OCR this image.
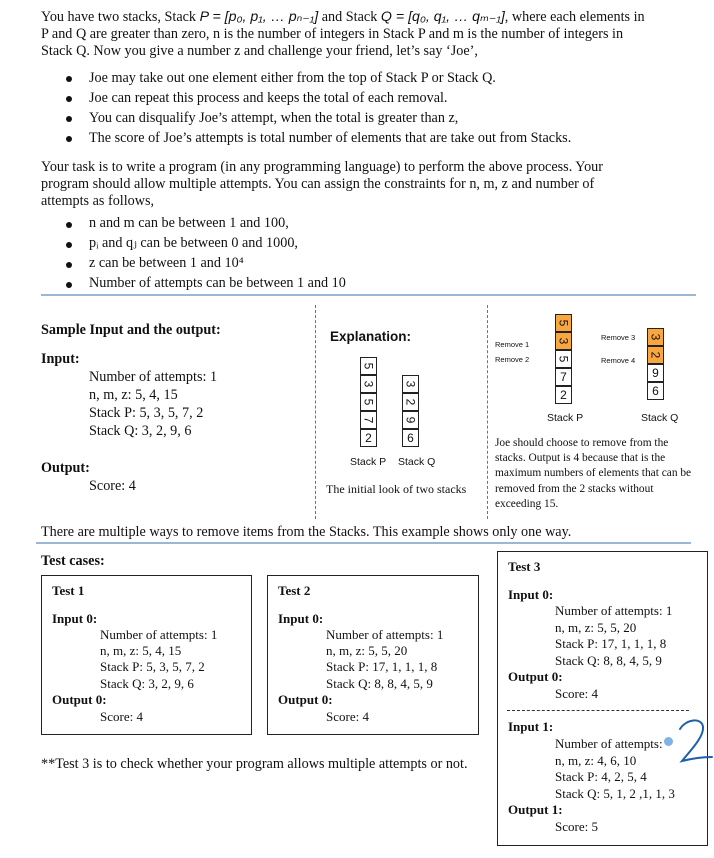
You have two stacks, Stack P = [p₀, p₁, … pₙ₋₁] and Stack Q = [q₀, q₁, … qₘ₋₁], where each elements in
P and Q are greater than zero, n is the number of integers in Stack P and m is the number of integers in
Stack Q. Now you give a number z and challenge your friend, let’s say ‘Joe’,
Joe may take out one element either from the top of Stack P or Stack Q.
Joe can repeat this process and keeps the total of each removal.
You can disqualify Joe’s attempt, when the total is greater than z,
The score of Joe’s attempts is total number of elements that are take out from Stacks.
Your task is to write a program (in any programming language) to perform the above process. Your
program should allow multiple attempts. You can assign the constraints for n, m, z and number of
attempts as follows,
n and m can be between 1 and 100,
pᵢ and qⱼ can be between 0 and 1000,
z can be between 1 and 10⁴
Number of attempts can be between 1 and 10
Sample Input and the output:
Input:
Number of attempts: 1
n, m, z: 5, 4, 15
Stack P: 5, 3, 5, 7, 2
Stack Q: 3, 2, 9, 6
Output:
Score: 4
Explanation:
5
3
5
7
2
3
2
9
6
Stack P Stack Q
The initial look of two stacks
Remove 1
Remove 2
Remove 3
Remove 4
5
3
5
7
2
3
2
9
6
Stack P	Stack Q
Joe should choose to remove from the
stacks. Output is 4 because that is the
maximum numbers of elements that can be
removed from the 2 stacks without
exceeding 15.
There are multiple ways to remove items from the Stacks. This example shows only one way.
Test cases:
Test 1
Input 0:
Number of attempts: 1
n, m, z: 5, 4, 15
Stack P: 5, 3, 5, 7, 2
Stack Q: 3, 2, 9, 6
Output 0:
Score: 4
Test 2
Input 0:
Number of attempts: 1
n, m, z: 5, 5, 20
Stack P: 17, 1, 1, 1, 8
Stack Q: 8, 8, 4, 5, 9
Output 0:
Score: 4
Test 3
Input 0:
Number of attempts: 1
n, m, z: 5, 5, 20
Stack P: 17, 1, 1, 1, 8
Stack Q: 8, 8, 4, 5, 9
Output 0:
Score: 4
Input 1:
Number of attempts:
n, m, z: 4, 6, 10
Stack P: 4, 2, 5, 4
Stack Q: 5, 1, 2 ,1, 1, 3
Output 1:
Score: 5
**Test 3 is to check whether your program allows multiple attempts or not.
